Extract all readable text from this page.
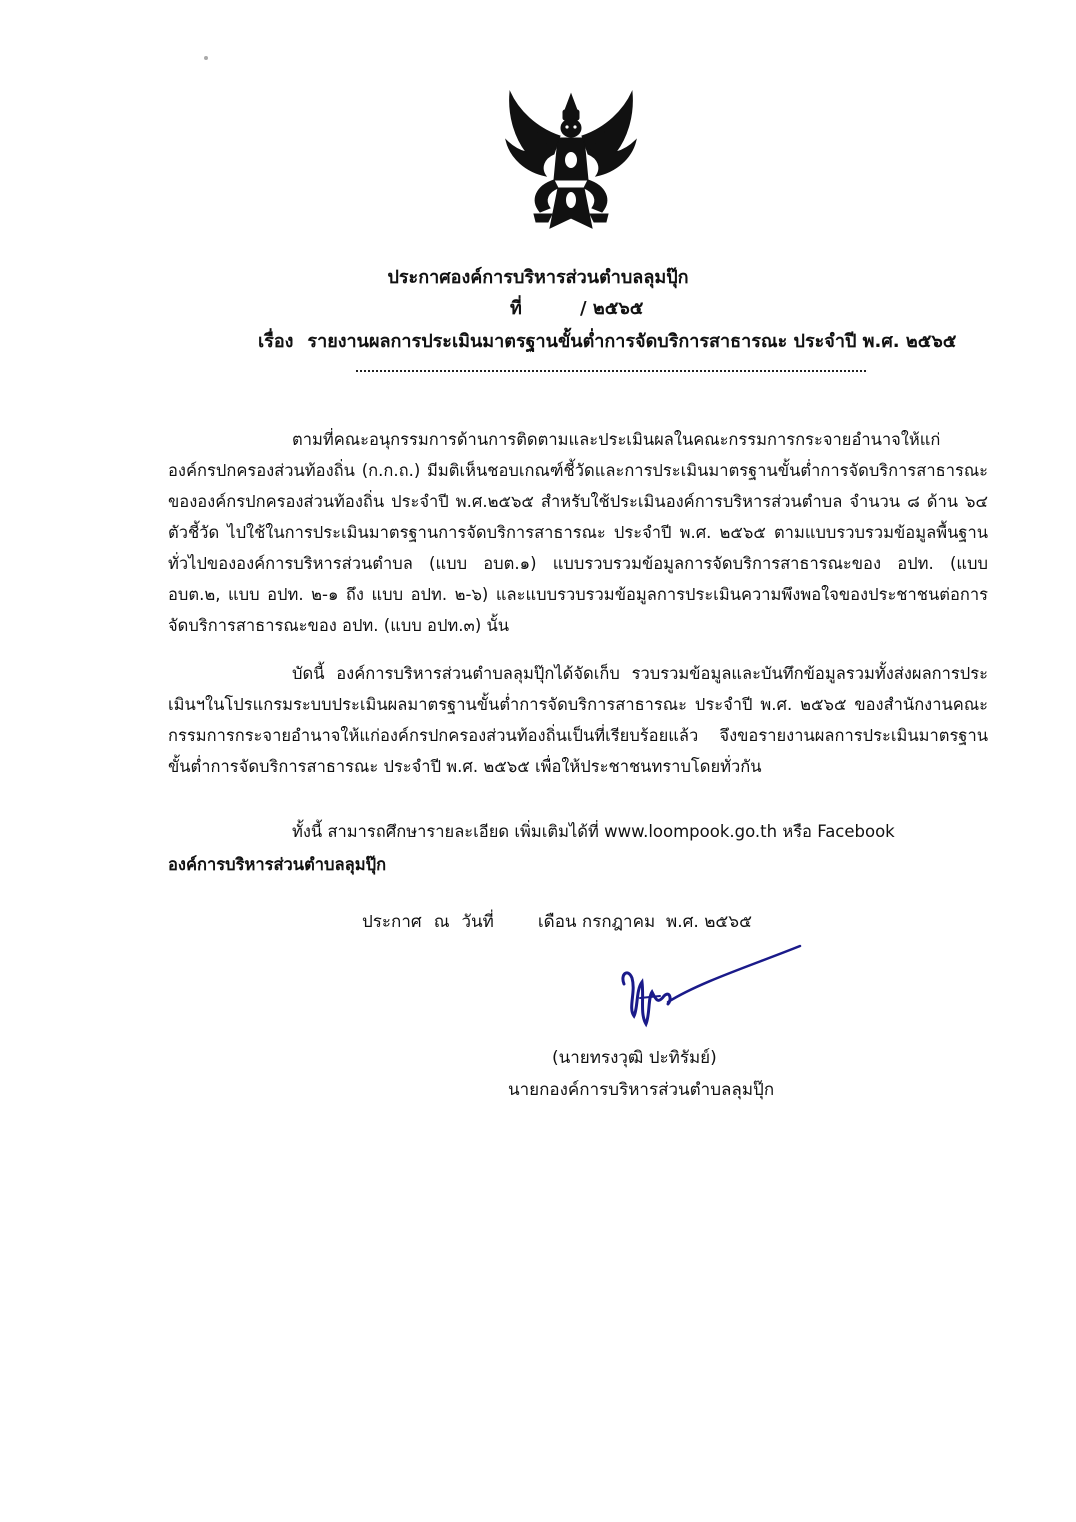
ประกาศองค์การบริหารส่วนตำบลลุมปุ๊ก
ที่	/ ๒๕๖๕
เรื่อง รายงานผลการประเมินมาตรฐานขั้นต่ำการจัดบริการสาธารณะ ประจำปี พ.ศ. ๒๕๖๕

ตามที่คณะอนุกรรมการด้านการติดตามและประเมินผลในคณะกรรมการกระจายอำนาจให้แก่องค์กรปกครองส่วนท้องถิ่น (ก.ก.ถ.) มีมติเห็นชอบเกณฑ์ชี้วัดและการประเมินมาตรฐานขั้นต่ำการจัดบริการสาธารณะขององค์กรปกครองส่วนท้องถิ่น ประจำปี พ.ศ.๒๕๖๕ สำหรับใช้ประเมินองค์การบริหารส่วนตำบล จำนวน ๘ ด้าน ๖๔ ตัวชี้วัด ไปใช้ในการประเมินมาตรฐานการจัดบริการสาธารณะ ประจำปี พ.ศ. ๒๕๖๕ ตามแบบรวบรวมข้อมูลพื้นฐานทั่วไปขององค์การบริหารส่วนตำบล (แบบ อบต.๑) แบบรวบรวมข้อมูลการจัดบริการสาธารณะของ อปท. (แบบ อบต.๒, แบบ อปท. ๒-๑ ถึง แบบ อปท. ๒-๖) และแบบรวบรวมข้อมูลการประเมินความพึงพอใจของประชาชนต่อการจัดบริการสาธารณะของ อปท. (แบบ อปท.๓) นั้น

บัดนี้ องค์การบริหารส่วนตำบลลุมปุ๊กได้จัดเก็บ รวบรวมข้อมูลและบันทึกข้อมูลรวมทั้งส่งผลการประเมินฯในโปรแกรมระบบประเมินผลมาตรฐานขั้นต่ำการจัดบริการสาธารณะ ประจำปี พ.ศ. ๒๕๖๕ ของสำนักงานคณะกรรมการกระจายอำนาจให้แก่องค์กรปกครองส่วนท้องถิ่นเป็นที่เรียบร้อยแล้ว จึงขอรายงานผลการประเมินมาตรฐานขั้นต่ำการจัดบริการสาธารณะ ประจำปี พ.ศ. ๒๕๖๕ เพื่อให้ประชาชนทราบโดยทั่วกัน

ทั้งนี้ สามารถศึกษารายละเอียด เพิ่มเติมได้ที่ www.loompook.go.th หรือ Facebook
องค์การบริหารส่วนตำบลลุมปุ๊ก

ประกาศ ณ วันที่	เดือน กรกฎาคม พ.ศ. ๒๕๖๕
(นายทรงวุฒิ ปะทิรัมย์)
นายกองค์การบริหารส่วนตำบลลุมปุ๊ก
